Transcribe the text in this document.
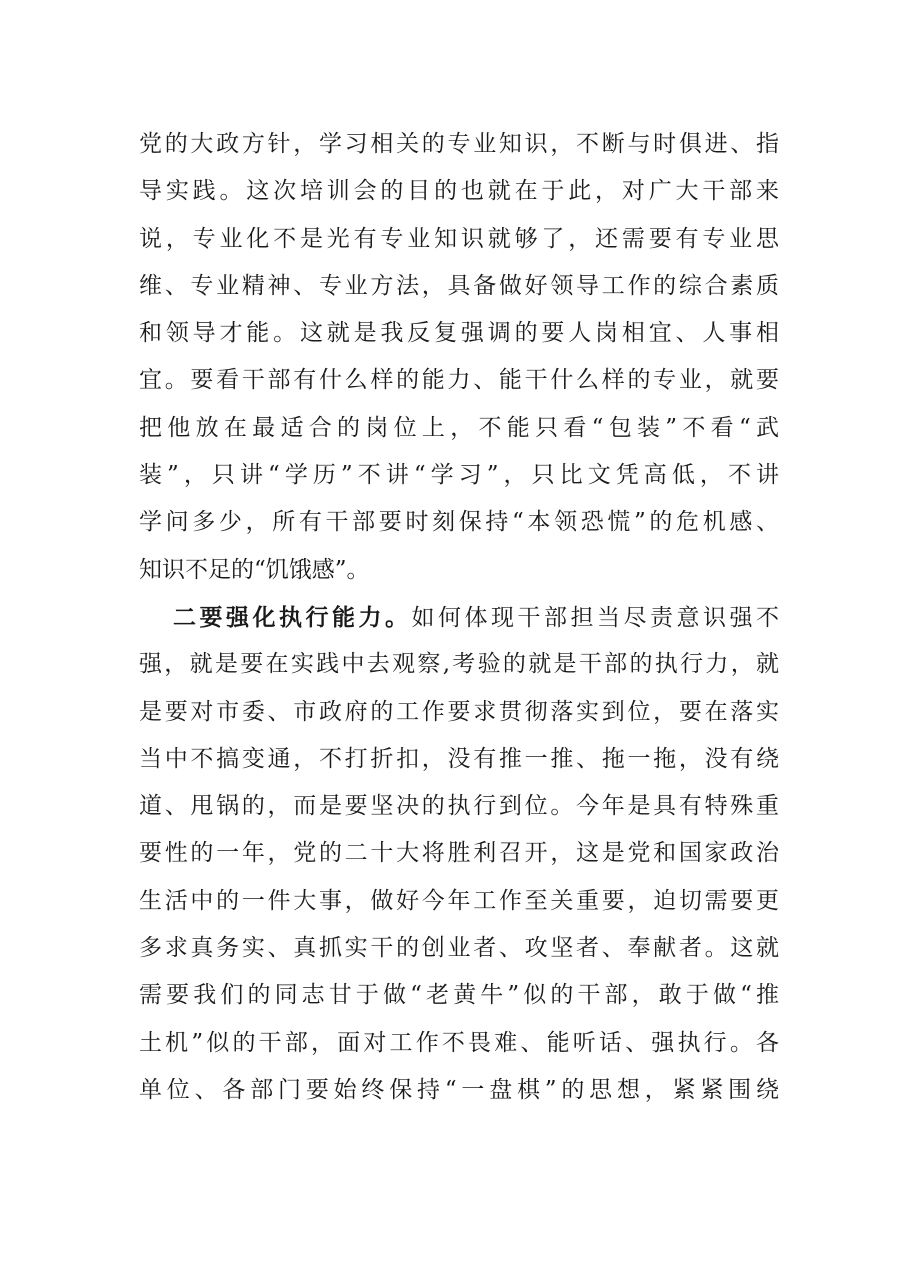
党的大政方针，学习相关的专业知识，不断与时俱进、指
导实践。这次培训会的目的也就在于此，对广大干部来
说，专业化不是光有专业知识就够了，还需要有专业思
维、专业精神、专业方法，具备做好领导工作的综合素质
和领导才能。这就是我反复强调的要人岗相宜、人事相
宜。要看干部有什么样的能力、能干什么样的专业，就要
把他放在最适合的岗位上，不能只看“包装”不看“武
装”，只讲“学历”不讲“学习”，只比文凭高低，不讲
学问多少，所有干部要时刻保持“本领恐慌”的危机感、
知识不足的“饥饿感”。
二要强化执行能力。如何体现干部担当尽责意识强不
强，就是要在实践中去观察,考验的就是干部的执行力，就
是要对市委、市政府的工作要求贯彻落实到位，要在落实
当中不搞变通，不打折扣，没有推一推、拖一拖，没有绕
道、甩锅的，而是要坚决的执行到位。今年是具有特殊重
要性的一年，党的二十大将胜利召开，这是党和国家政治
生活中的一件大事，做好今年工作至关重要，迫切需要更
多求真务实、真抓实干的创业者、攻坚者、奉献者。这就
需要我们的同志甘于做“老黄牛”似的干部，敢于做“推
土机”似的干部，面对工作不畏难、能听话、强执行。各
单位、各部门要始终保持“一盘棋”的思想，紧紧围绕
